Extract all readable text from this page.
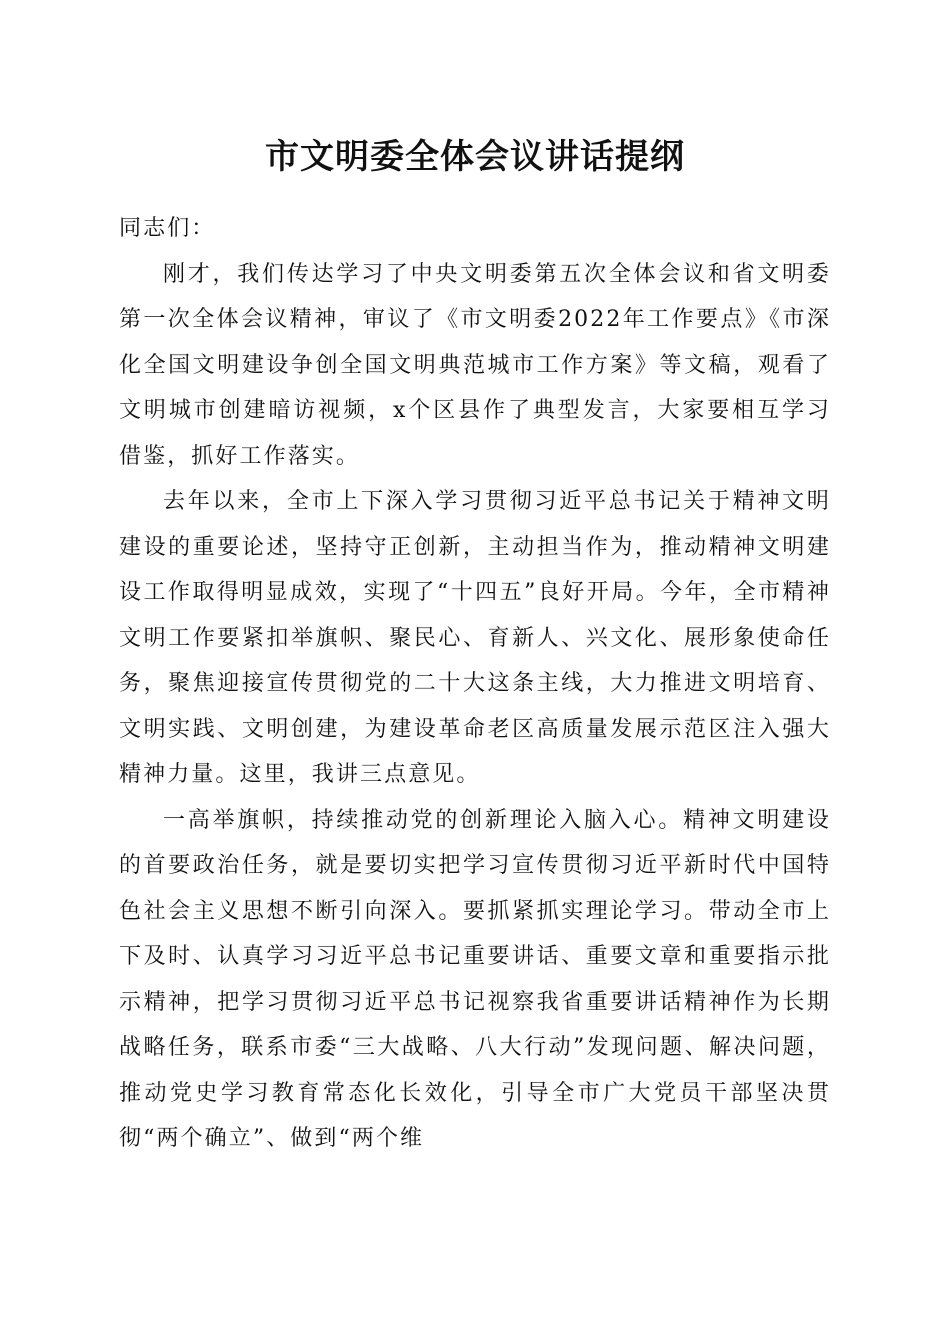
市文明委全体会议讲话提纲

同志们：

刚才，我们传达学习了中央文明委第五次全体会议和省文明委第一次全体会议精神，审议了《市文明委2022年工作要点》《市深化全国文明建设争创全国文明典范城市工作方案》等文稿，观看了文明城市创建暗访视频，x个区县作了典型发言，大家要相互学习借鉴，抓好工作落实。

去年以来，全市上下深入学习贯彻习近平总书记关于精神文明建设的重要论述，坚持守正创新，主动担当作为，推动精神文明建设工作取得明显成效，实现了“十四五”良好开局。今年，全市精神文明工作要紧扣举旗帜、聚民心、育新人、兴文化、展形象使命任务，聚焦迎接宣传贯彻党的二十大这条主线，大力推进文明培育、文明实践、文明创建，为建设革命老区高质量发展示范区注入强大精神力量。这里，我讲三点意见。

一高举旗帜，持续推动党的创新理论入脑入心。精神文明建设的首要政治任务，就是要切实把学习宣传贯彻习近平新时代中国特色社会主义思想不断引向深入。要抓紧抓实理论学习。带动全市上下及时、认真学习习近平总书记重要讲话、重要文章和重要指示批示精神，把学习贯彻习近平总书记视察我省重要讲话精神作为长期战略任务，联系市委“三大战略、八大行动”发现问题、解决问题，推动党史学习教育常态化长效化，引导全市广大党员干部坚决贯彻“两个确立”、做到“两个维
